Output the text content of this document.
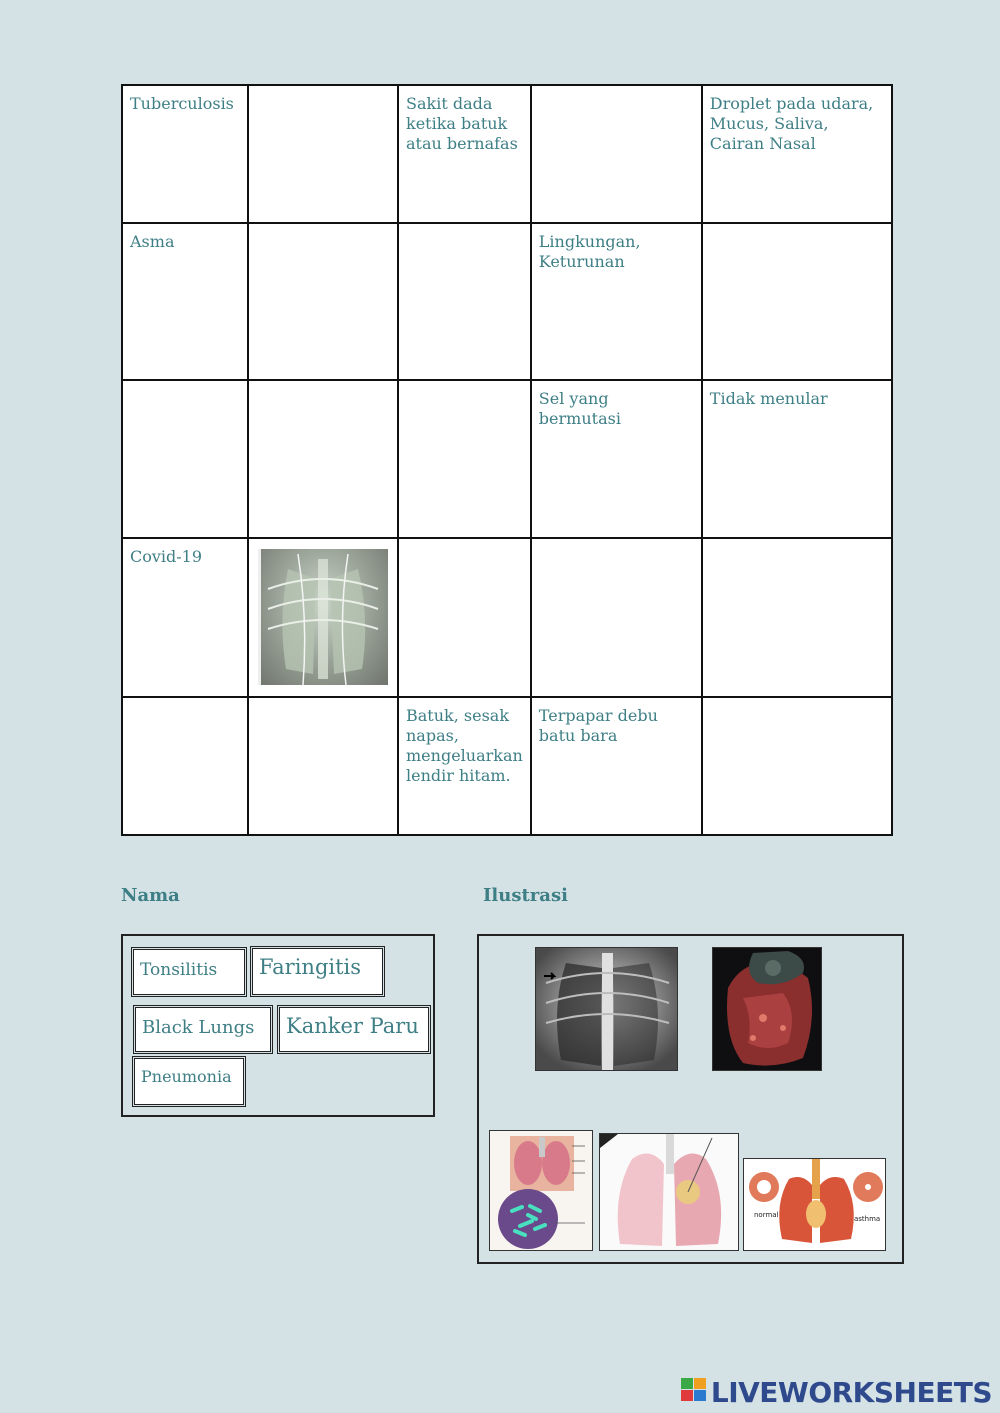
Tuberculosis		Sakit dada ketika batuk atau bernafas		Droplet pada udara, Mucus, Saliva, Cairan Nasal
Asma			Lingkungan, Keturunan	
			Sel yang bermutasi	Tidak menular
Covid-19	

		Batuk, sesak napas, mengeluarkan lendir hitam.	Terpapar debu batu bara	
Nama	Ilustrasi
Tonsilitis	Faringitis
Black Lungs	Kanker Paru
Pneumonia
normal	asthma
LIVEWORKSHEETS
